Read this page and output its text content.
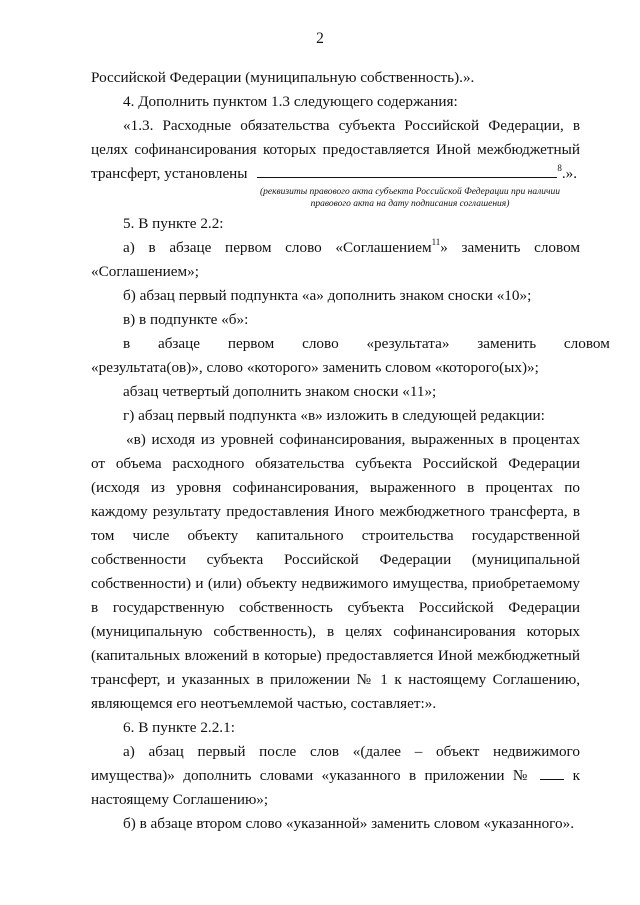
2
Российской Федерации (муниципальную собственность).».
4. Дополнить пунктом 1.3 следующего содержания:
«1.3. Расходные обязательства субъекта Российской Федерации, в
целях софинансирования которых предоставляется Иной межбюджетный
трансферт, установлены	$^8$.».
(реквизиты правового акта субъекта Российской Федерации при наличии
правового акта на дату подписания соглашения)
5. В пункте 2.2:
а) в абзаце первом слово «Соглашением$^{11}$» заменить словом
«Соглашением»;
б) абзац первый подпункта «а» дополнить знаком сноски «10»;
в) в подпункте «б»:
в абзаце первом слово «результата» заменить словом
«результата(ов)», слово «которого» заменить словом «которого(ых)»;
абзац четвертый дополнить знаком сноски «11»;
г) абзац первый подпункта «в» изложить в следующей редакции:
«в) исходя из уровней софинансирования, выраженных в процентах
от объема расходного обязательства субъекта Российской Федерации
(исходя из уровня софинансирования, выраженного в процентах по
каждому результату предоставления Иного межбюджетного трансферта, в
том числе объекту капитального строительства государственной
собственности субъекта Российской Федерации (муниципальной
собственности) и (или) объекту недвижимого имущества, приобретаемому
в государственную собственность субъекта Российской Федерации
(муниципальную собственность), в целях софинансирования которых
(капитальных вложений в которые) предоставляется Иной межбюджетный
трансферт, и указанных в приложении № 1 к настоящему Соглашению,
являющемся его неотъемлемой частью, составляет:».
6. В пункте 2.2.1:
а) абзац первый после слов «(далее – объект недвижимого
имущества)» дополнить словами «указанного в приложении №	к
настоящему Соглашению»;
б) в абзаце втором слово «указанной» заменить словом «указанного».
